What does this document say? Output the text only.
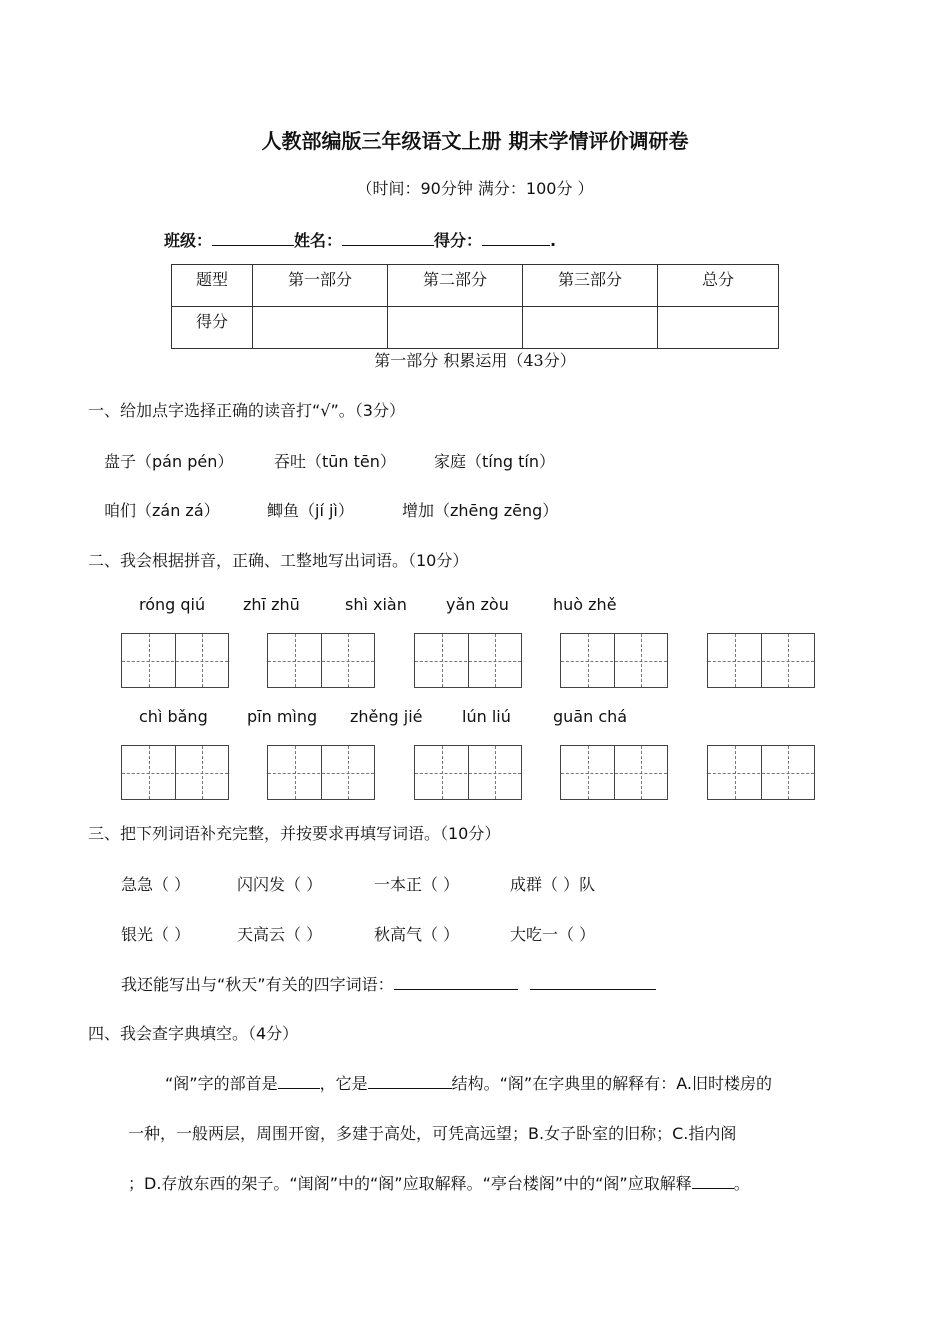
人教部编版三年级语文上册 期末学情评价调研卷
（时间：90分钟 满分：100分 ）
班级：	姓名：	得分：	.
题型	第一部分	第二部分	第三部分	总分
得分				
第一部分 积累运用（43分）
一、给加点字选择正确的读音打“√”。（3分）
盘子（pán pén）	吞吐（tūn tēn） 家庭（tíng tín）
咱们（zán zá）	鲫鱼（jí jì）	增加（zhēng zēng）
二、我会根据拼音，正确、工整地写出词语。（10分）
róng qiú zhī zhū	shì xiàn yǎn zòu	huò zhě
chì bǎng pīn mìng zhěng jié lún liú	guān chá
三、把下列词语补充完整，并按要求再填写词语。（10分）
急急（ ）	闪闪发（ ）	一本正（ ）	成群（ ）队
银光（ ）	天高云（ ）	秋高气（ ）	大吃一（ ）
我还能写出与“秋天”有关的四字词语：
四、我会查字典填空。（4分）
“阁”字的部首是	，它是	结构。“阁”在字典里的解释有：A.旧时楼房的
一种，一般两层，周围开窗，多建于高处，可凭高远望；B.女子卧室的旧称；C.指内阁
；D.存放东西的架子。“闺阁”中的“阁”应取解释。“亭台楼阁”中的“阁”应取解释	。
